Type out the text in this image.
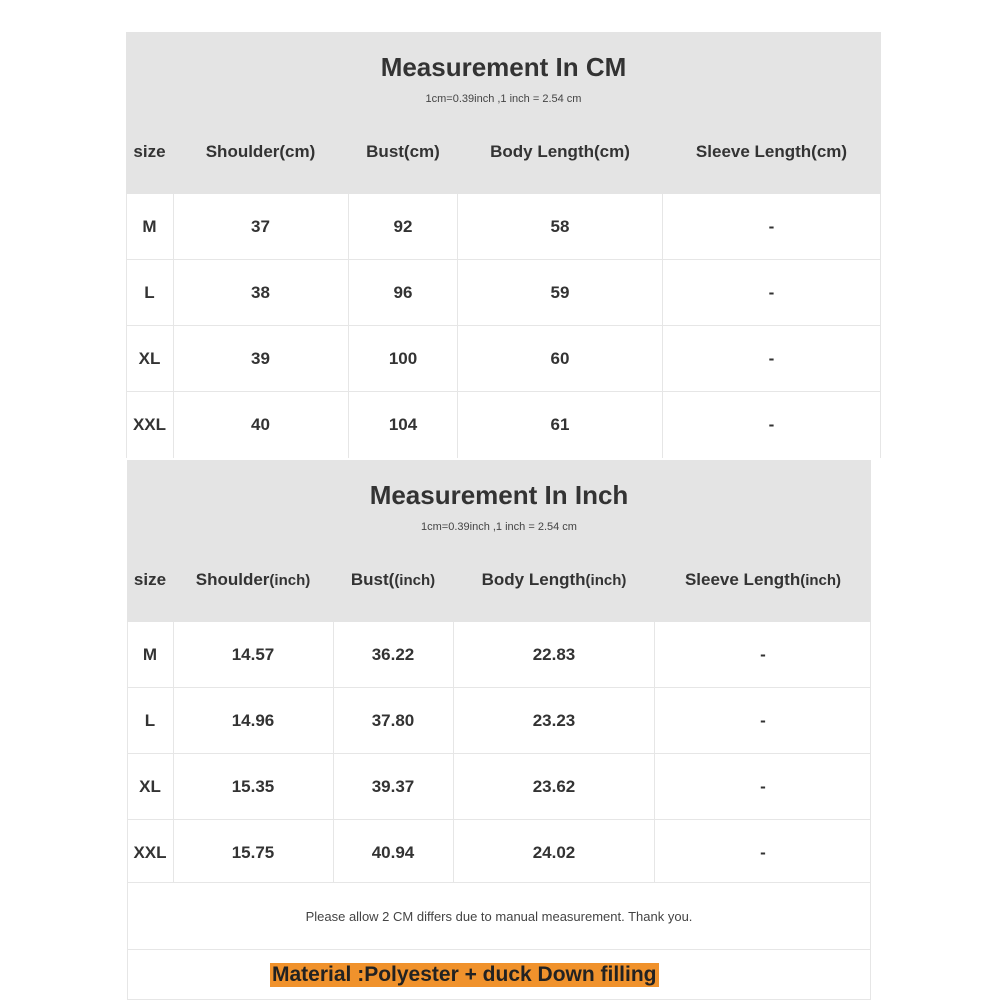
Measurement In CM
1cm=0.39inch ,1 inch = 2.54 cm
size	Shoulder(cm)	Bust(cm)	Body Length(cm)	Sleeve Length(cm)
M	37	92	58	-
L	38	96	59	-
XL	39	100	60	-
XXL	40	104	61	-
Measurement In Inch
1cm=0.39inch ,1 inch = 2.54 cm
size	Shoulder(inch)	Bust((inch)	Body Length(inch)	Sleeve Length(inch)
M	14.57	36.22	22.83	-
L	14.96	37.80	23.23	-
XL	15.35	39.37	23.62	-
XXL	15.75	40.94	24.02	-
Please allow 2 CM differs due to manual measurement. Thank you.
Material :Polyester + duck Down filling
